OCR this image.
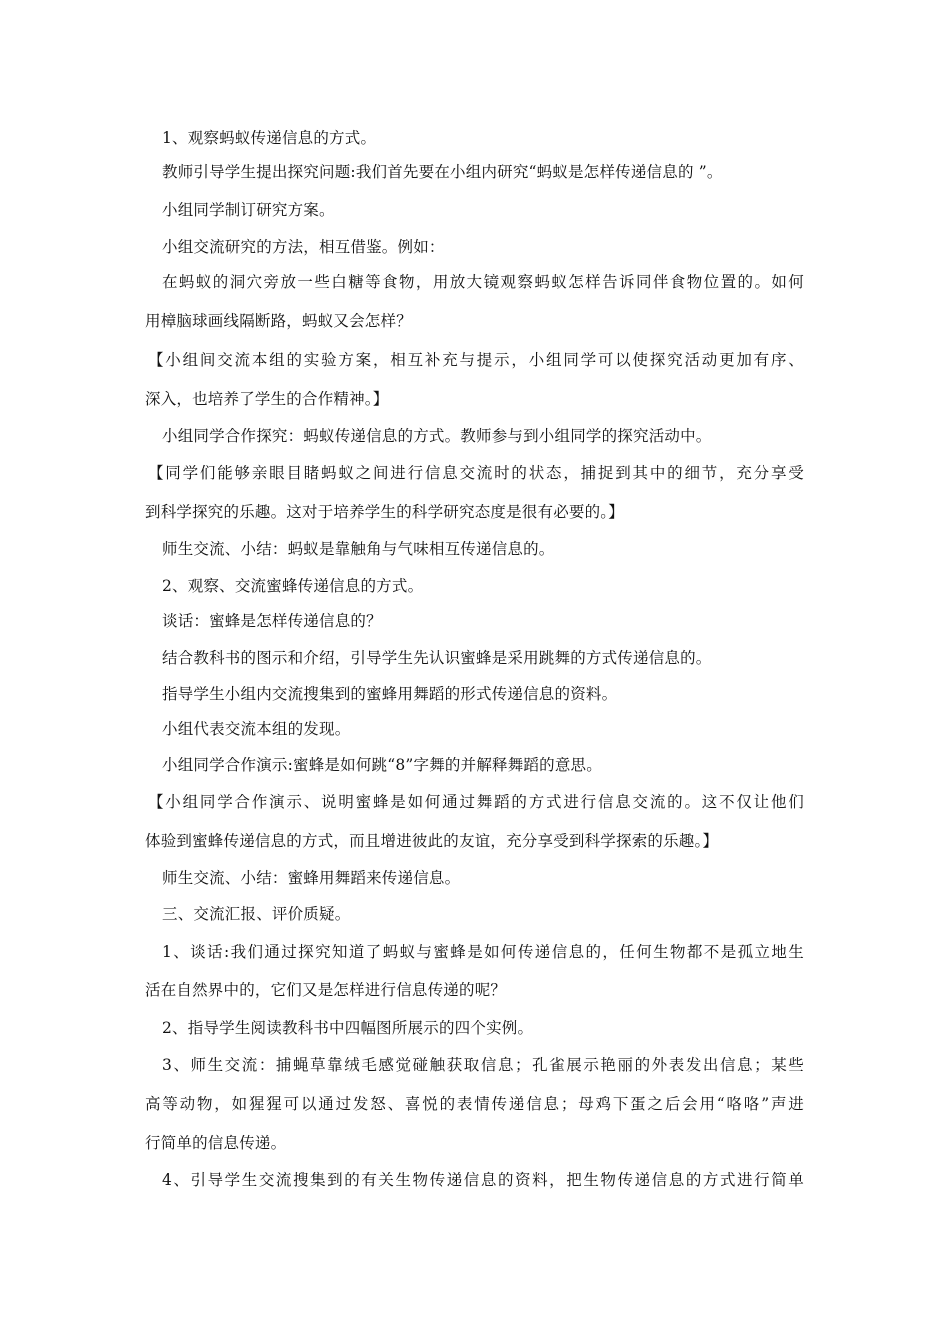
1、观察蚂蚁传递信息的方式。
教师引导学生提出探究问题:我们首先要在小组内研究“蚂蚁是怎样传递信息的 ”。
小组同学制订研究方案。
小组交流研究的方法，相互借鉴。例如：
在蚂蚁的洞穴旁放一些白糖等食物，用放大镜观察蚂蚁怎样告诉同伴食物位置的。如何
用樟脑球画线隔断路，蚂蚁又会怎样？
【小组间交流本组的实验方案，相互补充与提示，小组同学可以使探究活动更加有序、
深入，也培养了学生的合作精神。】
小组同学合作探究：蚂蚁传递信息的方式。教师参与到小组同学的探究活动中。
【同学们能够亲眼目睹蚂蚁之间进行信息交流时的状态，捕捉到其中的细节，充分享受
到科学探究的乐趣。这对于培养学生的科学研究态度是很有必要的。】
师生交流、小结：蚂蚁是靠触角与气味相互传递信息的。
2、观察、交流蜜蜂传递信息的方式。
谈话：蜜蜂是怎样传递信息的？
结合教科书的图示和介绍，引导学生先认识蜜蜂是采用跳舞的方式传递信息的。
指导学生小组内交流搜集到的蜜蜂用舞蹈的形式传递信息的资料。
小组代表交流本组的发现。
小组同学合作演示:蜜蜂是如何跳“8”字舞的并解释舞蹈的意思。
【小组同学合作演示、说明蜜蜂是如何通过舞蹈的方式进行信息交流的。这不仅让他们
体验到蜜蜂传递信息的方式，而且增进彼此的友谊，充分享受到科学探索的乐趣。】
师生交流、小结：蜜蜂用舞蹈来传递信息。
三、交流汇报、评价质疑。
1、谈话:我们通过探究知道了蚂蚁与蜜蜂是如何传递信息的，任何生物都不是孤立地生
活在自然界中的，它们又是怎样进行信息传递的呢？
2、指导学生阅读教科书中四幅图所展示的四个实例。
3、师生交流：捕蝇草靠绒毛感觉碰触获取信息；孔雀展示艳丽的外表发出信息；某些
高等动物，如猩猩可以通过发怒、喜悦的表情传递信息；母鸡下蛋之后会用“咯咯”声进
行简单的信息传递。
4、引导学生交流搜集到的有关生物传递信息的资料，把生物传递信息的方式进行简单
